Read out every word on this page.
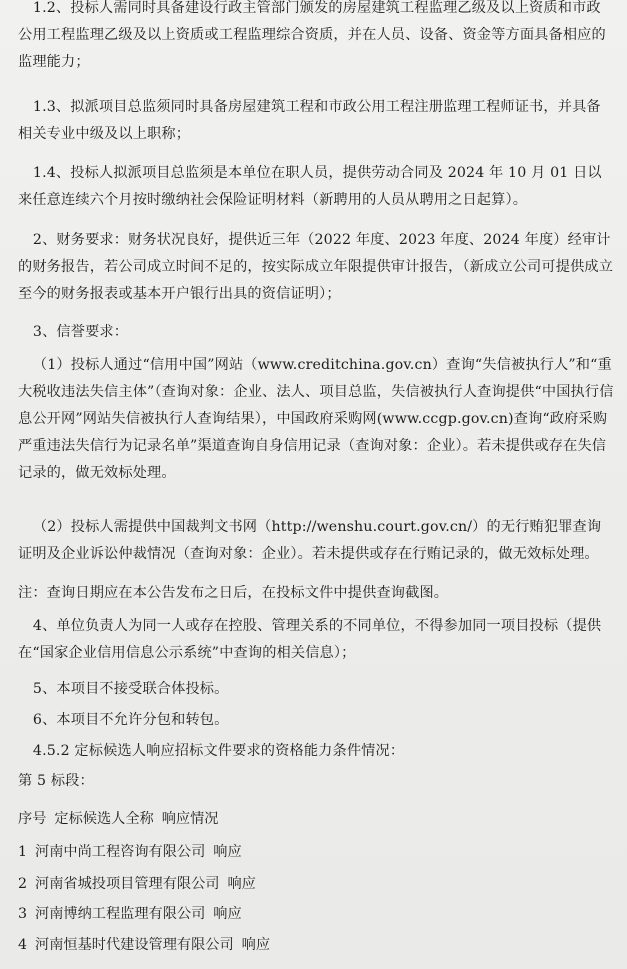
1.2、投标人需同时具备建设行政主管部门颁发的房屋建筑工程监理乙级及以上资质和市政公用工程监理乙级及以上资质或工程监理综合资质，并在人员、设备、资金等方面具备相应的监理能力；
1.3、拟派项目总监须同时具备房屋建筑工程和市政公用工程注册监理工程师证书，并具备相关专业中级及以上职称；
1.4、投标人拟派项目总监须是本单位在职人员，提供劳动合同及 2024 年 10 月 01 日以来任意连续六个月按时缴纳社会保险证明材料（新聘用的人员从聘用之日起算）。
2、财务要求：财务状况良好，提供近三年（2022 年度、2023 年度、2024 年度）经审计的财务报告，若公司成立时间不足的，按实际成立年限提供审计报告，（新成立公司可提供成立至今的财务报表或基本开户银行出具的资信证明）；
3、信誉要求：
（1）投标人通过“信用中国”网站（www.creditchina.gov.cn）查询“失信被执行人”和“重大税收违法失信主体”（查询对象：企业、法人、项目总监，失信被执行人查询提供“中国执行信息公开网”网站失信被执行人查询结果），中国政府采购网(www.ccgp.gov.cn)查询“政府采购严重违法失信行为记录名单”渠道查询自身信用记录（查询对象：企业）。若未提供或存在失信记录的，做无效标处理。
（2）投标人需提供中国裁判文书网（http://wenshu.court.gov.cn/）的无行贿犯罪查询证明及企业诉讼仲裁情况（查询对象：企业）。若未提供或存在行贿记录的，做无效标处理。
注：查询日期应在本公告发布之日后，在投标文件中提供查询截图。
4、单位负责人为同一人或存在控股、管理关系的不同单位，不得参加同一项目投标（提供在“国家企业信用信息公示系统”中查询的相关信息）；
5、本项目不接受联合体投标。
6、本项目不允许分包和转包。
4.5.2 定标候选人响应招标文件要求的资格能力条件情况：
第 5 标段：
序号 定标候选人全称 响应情况
1 河南中尚工程咨询有限公司 响应
2 河南省城投项目管理有限公司 响应
3 河南博纳工程监理有限公司 响应
4 河南恒基时代建设管理有限公司 响应
